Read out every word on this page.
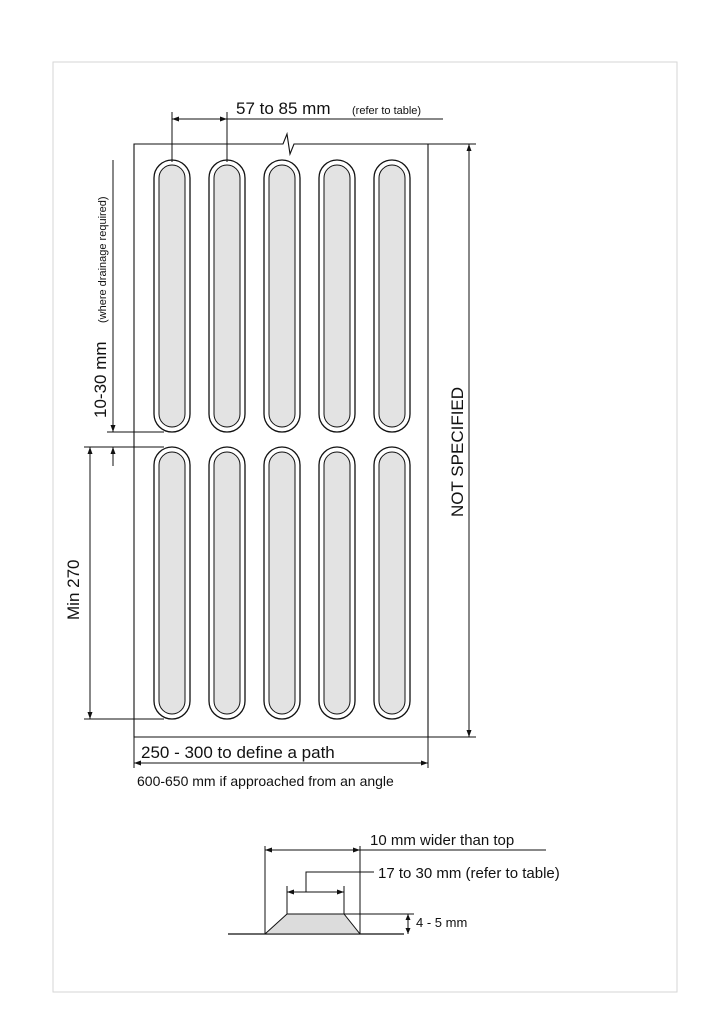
57 to 85 mm (refer to table)
10-30 mm
(where drainage required)
Min 270
NOT SPECIFIED
250 - 300 to define a path
600-650 mm if approached from an angle
10 mm wider than top
17 to 30 mm (refer to table)
4 - 5 mm
